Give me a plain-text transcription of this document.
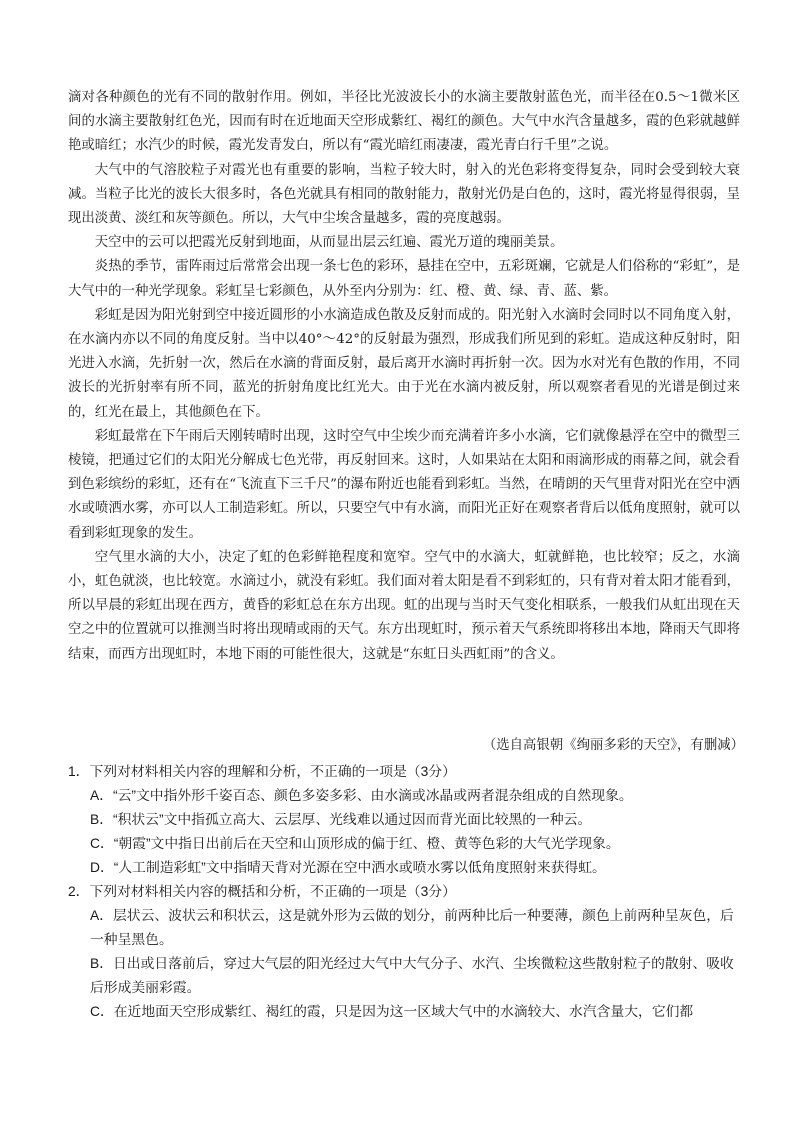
滴对各种颜色的光有不同的散射作用。例如，半径比光波波长小的水滴主要散射蓝色光，而半径在0.5～1微米区间的水滴主要散射红色光，因而有时在近地面天空形成紫红、褐红的颜色。大气中水汽含量越多，霞的色彩就越鲜艳或暗红；水汽少的时候，霞光发青发白，所以有“霞光暗红雨凄凄，霞光青白行千里”之说。

大气中的气溶胶粒子对霞光也有重要的影响，当粒子较大时，射入的光色彩将变得复杂，同时会受到较大衰减。当粒子比光的波长大很多时，各色光就具有相同的散射能力，散射光仍是白色的，这时，霞光将显得很弱，呈现出淡黄、淡红和灰等颜色。所以，大气中尘埃含量越多，霞的亮度越弱。

天空中的云可以把霞光反射到地面，从而显出层云红遍、霞光万道的瑰丽美景。

炎热的季节，雷阵雨过后常常会出现一条七色的彩环，悬挂在空中，五彩斑斓，它就是人们俗称的“彩虹”，是大气中的一种光学现象。彩虹呈七彩颜色，从外至内分别为：红、橙、黄、绿、青、蓝、紫。

彩虹是因为阳光射到空中接近圆形的小水滴造成色散及反射而成的。阳光射入水滴时会同时以不同角度入射，在水滴内亦以不同的角度反射。当中以40°～42°的反射最为强烈，形成我们所见到的彩虹。造成这种反射时，阳光进入水滴，先折射一次，然后在水滴的背面反射，最后离开水滴时再折射一次。因为水对光有色散的作用，不同波长的光折射率有所不同，蓝光的折射角度比红光大。由于光在水滴内被反射，所以观察者看见的光谱是倒过来的，红光在最上，其他颜色在下。

彩虹最常在下午雨后天刚转晴时出现，这时空气中尘埃少而充满着许多小水滴，它们就像悬浮在空中的微型三棱镜，把通过它们的太阳光分解成七色光带，再反射回来。这时，人如果站在太阳和雨滴形成的雨幕之间，就会看到色彩缤纷的彩虹，还有在“飞流直下三千尺”的瀑布附近也能看到彩虹。当然，在晴朗的天气里背对阳光在空中洒水或喷洒水雾，亦可以人工制造彩虹。所以，只要空气中有水滴，而阳光正好在观察者背后以低角度照射，就可以看到彩虹现象的发生。

空气里水滴的大小，决定了虹的色彩鲜艳程度和宽窄。空气中的水滴大，虹就鲜艳，也比较窄；反之，水滴小，虹色就淡，也比较宽。水滴过小，就没有彩虹。我们面对着太阳是看不到彩虹的，只有背对着太阳才能看到，所以早晨的彩虹出现在西方，黄昏的彩虹总在东方出现。虹的出现与当时天气变化相联系，一般我们从虹出现在天空之中的位置就可以推测当时将出现晴或雨的天气。东方出现虹时，预示着天气系统即将移出本地，降雨天气即将结束，而西方出现虹时，本地下雨的可能性很大，这就是“东虹日头西虹雨”的含义。

（选自高银朝《绚丽多彩的天空》，有删减）

1．下列对材料相关内容的理解和分析，不正确的一项是（3分）

A．“云”文中指外形千姿百态、颜色多姿多彩、由水滴或冰晶或两者混杂组成的自然现象。

B．“积状云”文中指孤立高大、云层厚、光线难以通过因而背光面比较黑的一种云。

C．“朝霞”文中指日出前后在天空和山顶形成的偏于红、橙、黄等色彩的大气光学现象。

D．“人工制造彩虹”文中指晴天背对光源在空中洒水或喷水雾以低角度照射来获得虹。

2．下列对材料相关内容的概括和分析，不正确的一项是（3分）

A．层状云、波状云和积状云，这是就外形为云做的划分，前两种比后一种要薄，颜色上前两种呈灰色，后一种呈黑色。

B．日出或日落前后，穿过大气层的阳光经过大气中大气分子、水汽、尘埃微粒这些散射粒子的散射、吸收后形成美丽彩霞。

C．在近地面天空形成紫红、褐红的霞，只是因为这一区域大气中的水滴较大、水汽含量大，它们都
